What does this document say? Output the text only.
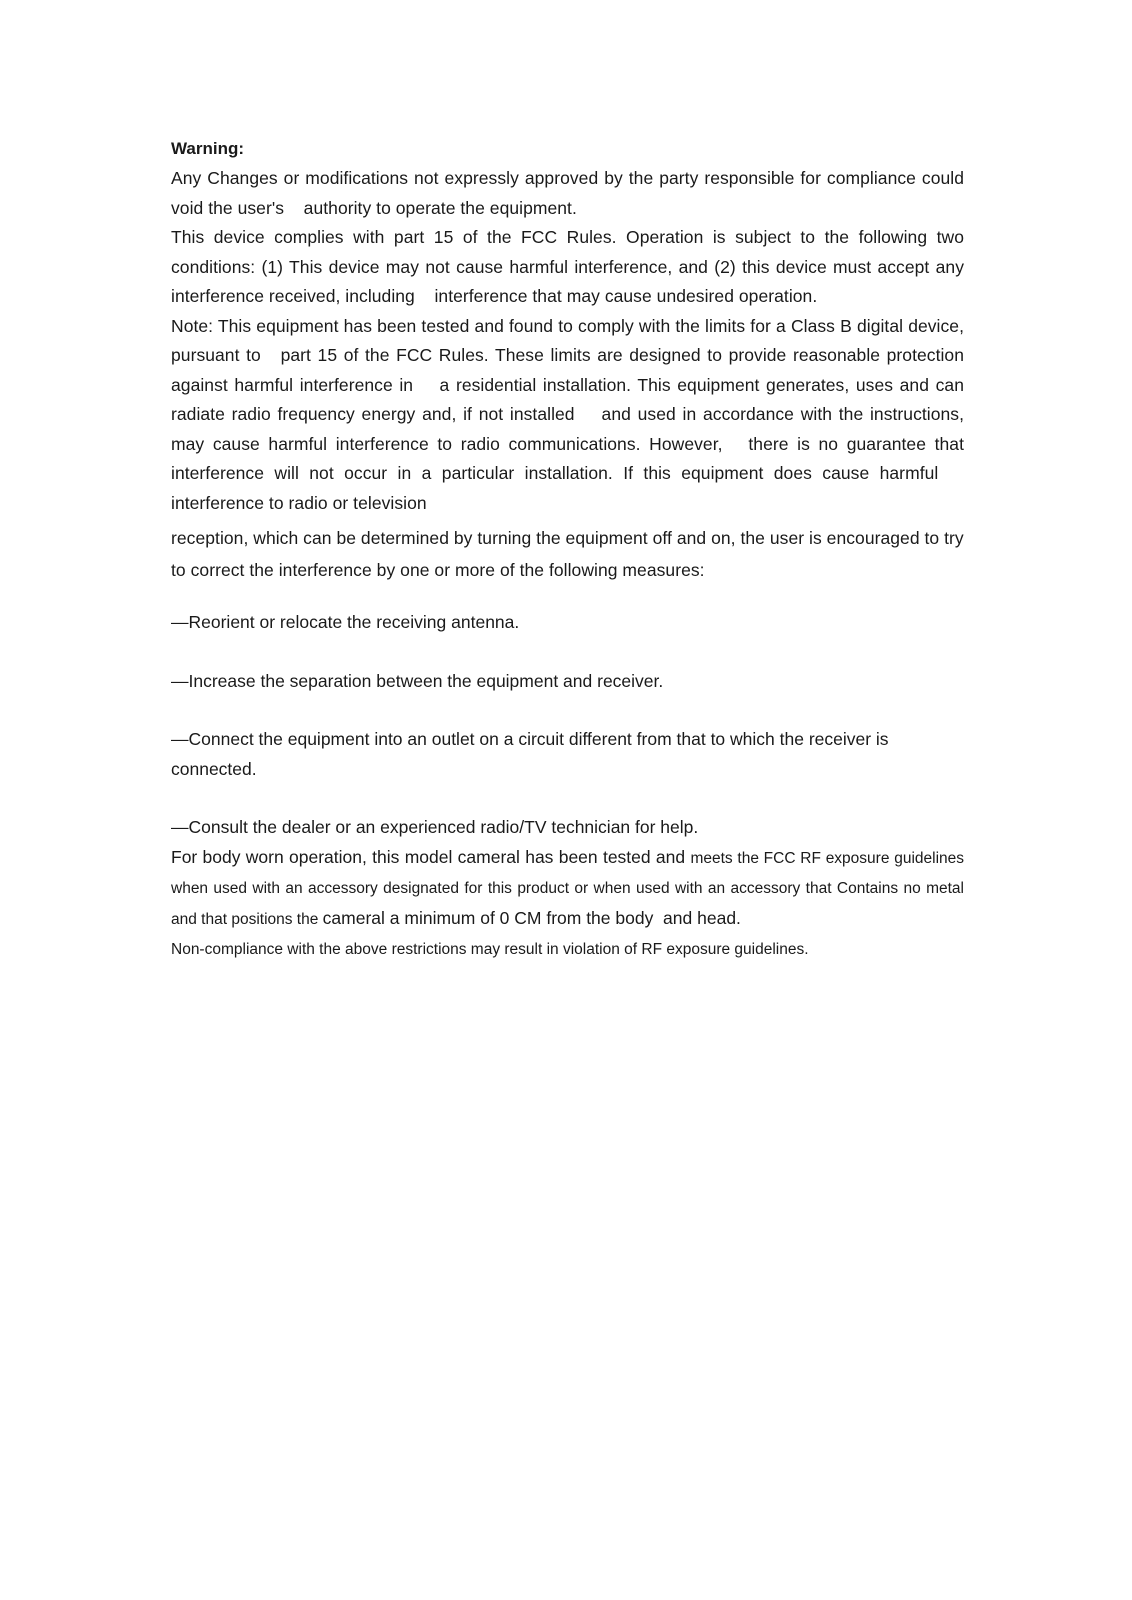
Warning:

Any Changes or modifications not expressly approved by the party responsible for compliance could void the user's    authority to operate the equipment.

This device complies with part 15 of the FCC Rules. Operation is subject to the following two conditions: (1) This device may not cause harmful interference, and (2) this device must accept any interference received, including    interference that may cause undesired operation.

Note: This equipment has been tested and found to comply with the limits for a Class B digital device, pursuant to   part 15 of the FCC Rules. These limits are designed to provide reasonable protection against harmful interference in    a residential installation. This equipment generates, uses and can radiate radio frequency energy and, if not installed    and used in accordance with the instructions, may cause harmful interference to radio communications. However,   there is no guarantee that interference will not occur in a particular installation. If this equipment does cause harmful    interference to radio or television

reception, which can be determined by turning the equipment off and on, the user is encouraged to try to correct the interference by one or more of the following measures:

—Reorient or relocate the receiving antenna.

—Increase the separation between the equipment and receiver.

—Connect the equipment into an outlet on a circuit different from that to which the receiver is connected.

—Consult the dealer or an experienced radio/TV technician for help.

For body worn operation, this model cameral has been tested and meets the FCC RF exposure guidelines when used with an accessory designated for this product or when used with an accessory that Contains no metal and that positions the cameral a minimum of 0 CM from the body  and head.
Non-compliance with the above restrictions may result in violation of RF exposure guidelines.
